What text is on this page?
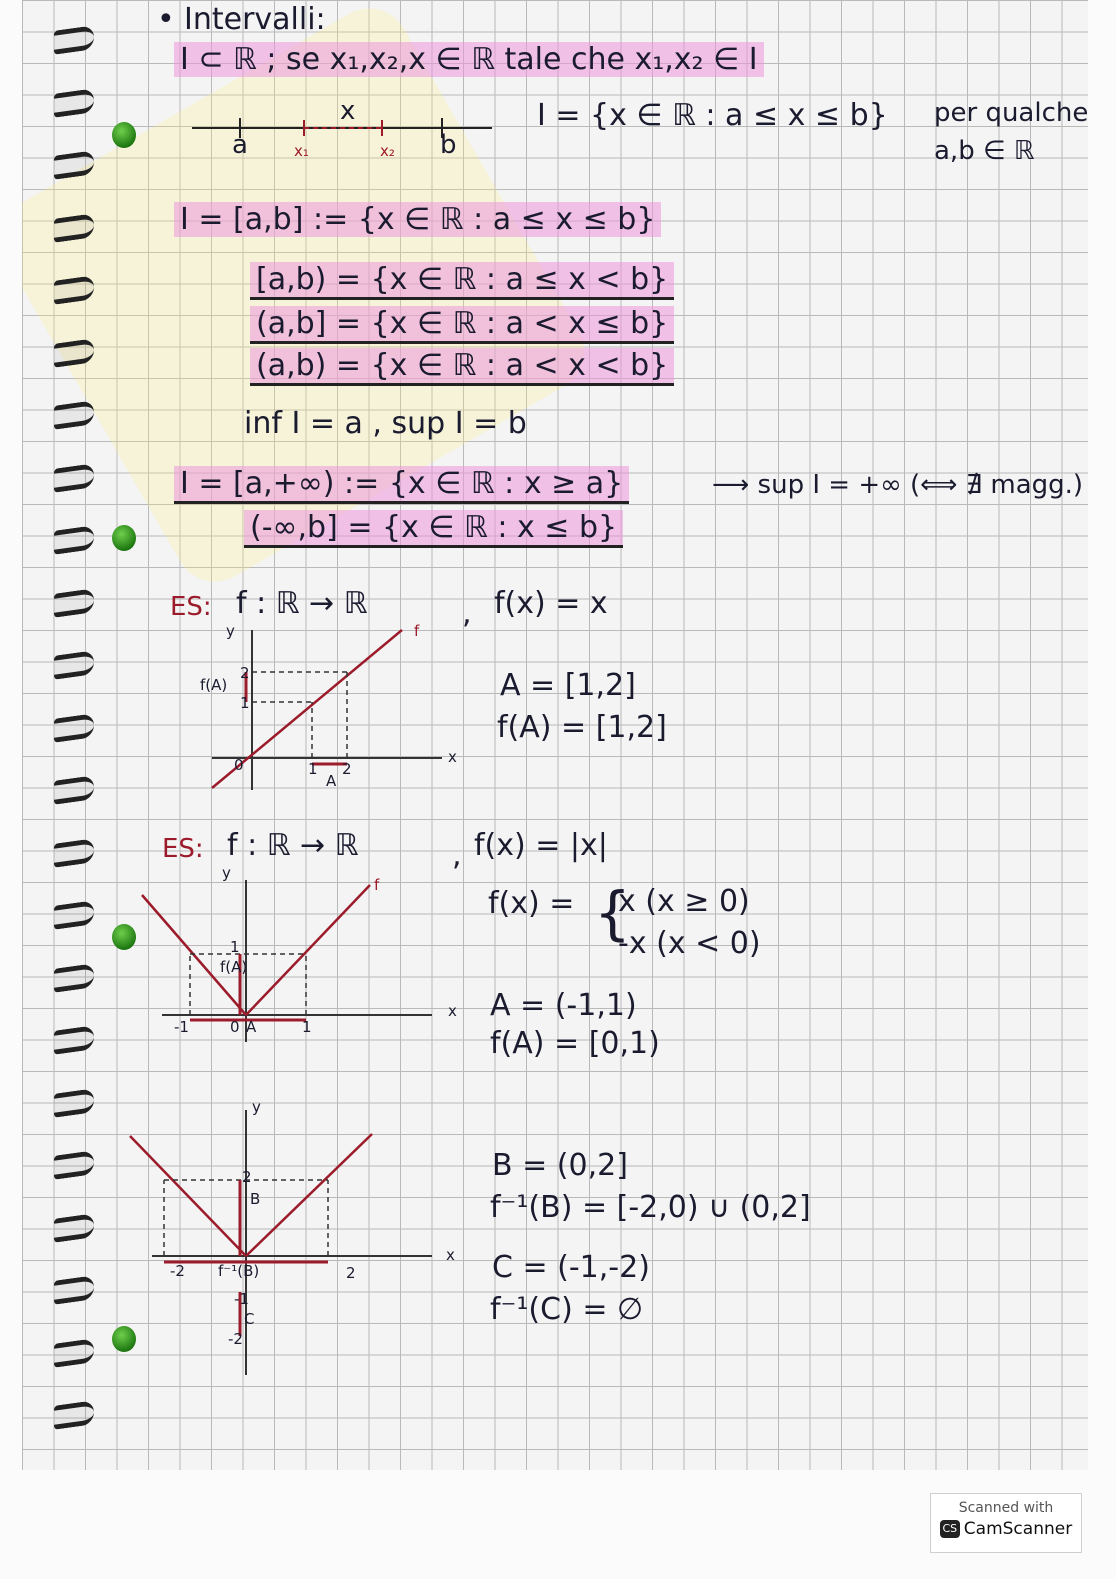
• Intervalli:
I ⊂ ℝ ; se x₁,x₂,x ∈ ℝ tale che x₁,x₂ ∈ I
a	x₁
x
x₂ b
I = {x ∈ ℝ : a ≤ x ≤ b} per qualche
a,b ∈ ℝ
I = [a,b] := {x ∈ ℝ : a ≤ x ≤ b}
[a,b) = {x ∈ ℝ : a ≤ x < b}
(a,b] = {x ∈ ℝ : a < x ≤ b}
(a,b) = {x ∈ ℝ : a < x < b}
inf I = a , sup I = b
I = [a,+∞) := {x ∈ ℝ : x ≥ a}	⟶ sup I = +∞ (⟺ ∄ magg.)
(-∞,b] = {x ∈ ℝ : x ≤ b}
ES: f : ℝ → ℝ	, f(x) = x
y	f
f(A)
2
1
x
0	1 2
A
A = [1,2]
f(A) = [1,2]
ES: f : ℝ → ℝ	, f(x) = |x|
y
f
1
f(A)
x
-1	0 A	1
f(x) = {
x (x ≥ 0)
-x (x < 0)
A = (-1,1)
f(A) = [0,1)
y
2
B
x
-2 f⁻¹(B)	2
-1
C
-2
B = (0,2]
f⁻¹(B) = [-2,0) ∪ (0,2]
C = (-1,-2)
f⁻¹(C) = ∅
Scanned with
CS CamScanner
